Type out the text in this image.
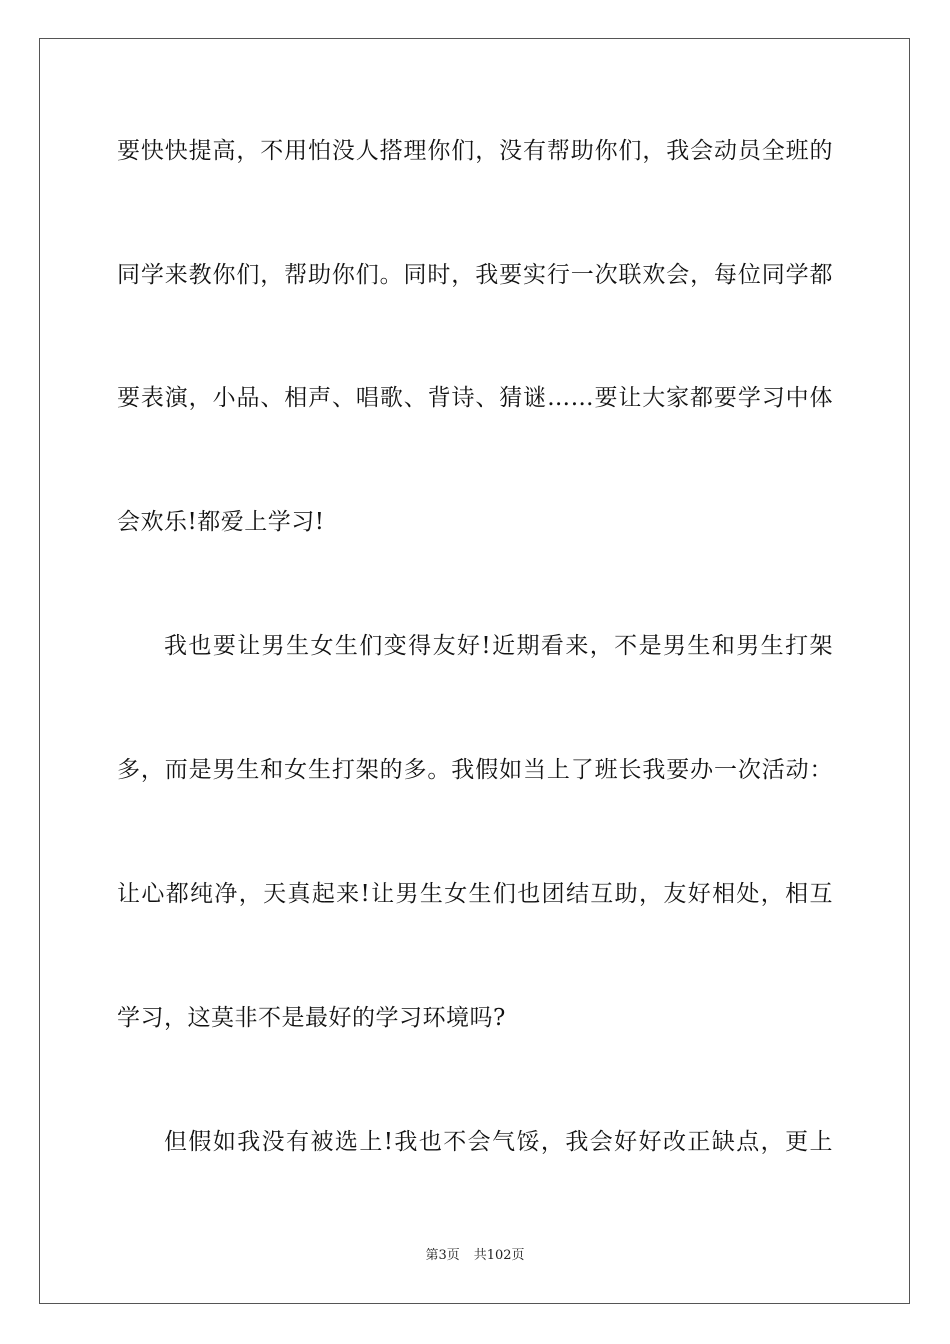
要快快提高，不用怕没人搭理你们，没有帮助你们，我会动员全班的
同学来教你们，帮助你们。同时，我要实行一次联欢会，每位同学都
要表演，小品、相声、唱歌、背诗、猜谜……要让大家都要学习中体
会欢乐!都爱上学习!
我也要让男生女生们变得友好!近期看来，不是男生和男生打架
多，而是男生和女生打架的多。我假如当上了班长我要办一次活动：
让心都纯净，天真起来!让男生女生们也团结互助，友好相处，相互
学习，这莫非不是最好的学习环境吗?
但假如我没有被选上!我也不会气馁，我会好好改正缺点，更上
第3页 共102页
